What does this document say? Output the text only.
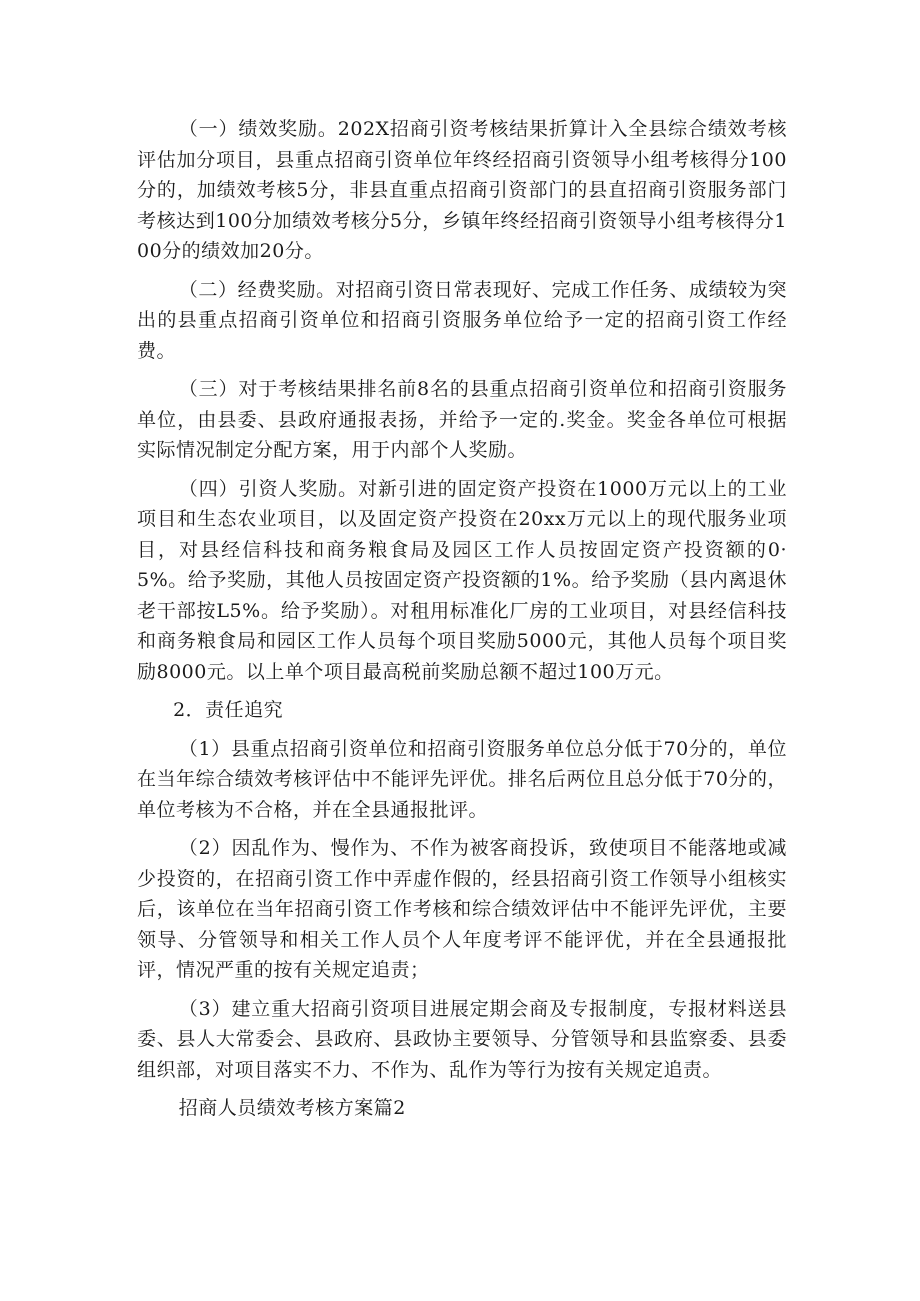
（一）绩效奖励。202X招商引资考核结果折算计入全县综合绩效考核评估加分项目，县重点招商引资单位年终经招商引资领导小组考核得分100分的，加绩效考核5分，非县直重点招商引资部门的县直招商引资服务部门考核达到100分加绩效考核分5分，乡镇年终经招商引资领导小组考核得分100分的绩效加20分。

（二）经费奖励。对招商引资日常表现好、完成工作任务、成绩较为突出的县重点招商引资单位和招商引资服务单位给予一定的招商引资工作经费。

（三）对于考核结果排名前8名的县重点招商引资单位和招商引资服务单位，由县委、县政府通报表扬，并给予一定的.奖金。奖金各单位可根据实际情况制定分配方案，用于内部个人奖励。

（四）引资人奖励。对新引进的固定资产投资在1000万元以上的工业项目和生态农业项目，以及固定资产投资在20xx万元以上的现代服务业项目，对县经信科技和商务粮食局及园区工作人员按固定资产投资额的0·5%。给予奖励，其他人员按固定资产投资额的1%。给予奖励（县内离退休老干部按L5%。给予奖励）。对租用标准化厂房的工业项目，对县经信科技和商务粮食局和园区工作人员每个项目奖励5000元，其他人员每个项目奖励8000元。以上单个项目最高税前奖励总额不超过100万元。

2．责任追究

（1）县重点招商引资单位和招商引资服务单位总分低于70分的，单位在当年综合绩效考核评估中不能评先评优。排名后两位且总分低于70分的，单位考核为不合格，并在全县通报批评。

（2）因乱作为、慢作为、不作为被客商投诉，致使项目不能落地或减少投资的，在招商引资工作中弄虚作假的，经县招商引资工作领导小组核实后，该单位在当年招商引资工作考核和综合绩效评估中不能评先评优，主要领导、分管领导和相关工作人员个人年度考评不能评优，并在全县通报批评，情况严重的按有关规定追责；

（3）建立重大招商引资项目进展定期会商及专报制度，专报材料送县委、县人大常委会、县政府、县政协主要领导、分管领导和县监察委、县委组织部，对项目落实不力、不作为、乱作为等行为按有关规定追责。

招商人员绩效考核方案篇2
